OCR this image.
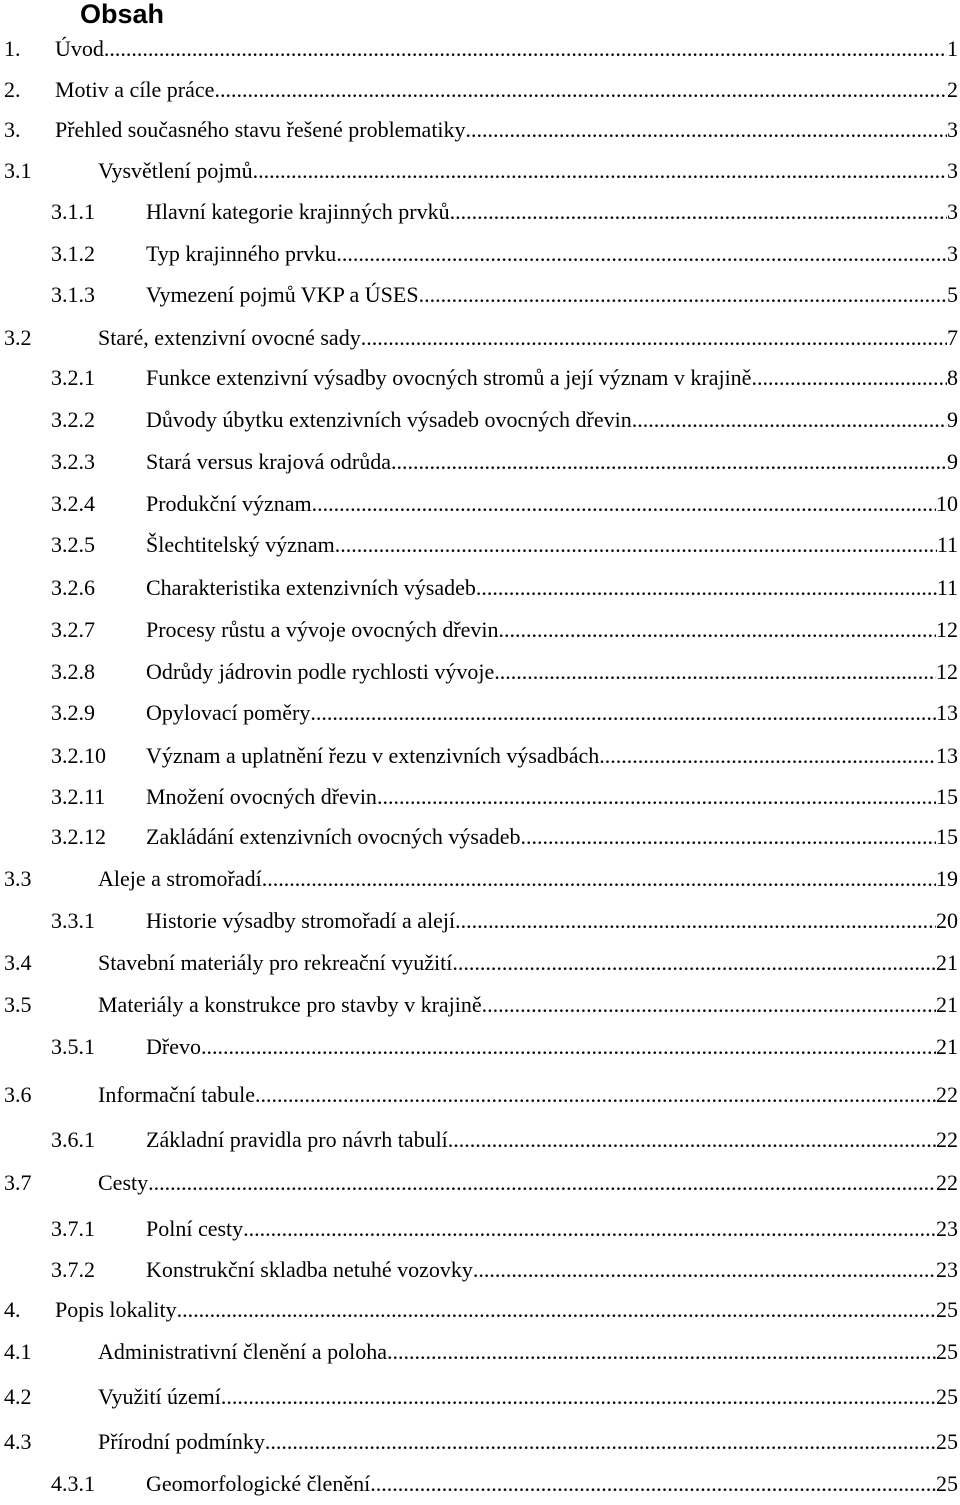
Obsah
1.	Úvod .....	1
2.	Motiv a cíle práce .....	2
3.	Přehled současného stavu řešené problematiky .....	3
3.1	Vysvětlení pojmů .....	3
3.1.1	Hlavní kategorie krajinných prvků .....	3
3.1.2	Typ krajinného prvku .....	3
3.1.3	Vymezení pojmů VKP a ÚSES .....	5
3.2	Staré, extenzivní ovocné sady .....	7
3.2.1	Funkce extenzivní výsadby ovocných stromů a její význam v krajině .....	8
3.2.2	Důvody úbytku extenzivních výsadeb ovocných dřevin .....	9
3.2.3	Stará versus krajová odrůda .....	9
3.2.4	Produkční význam .....	10
3.2.5	Šlechtitelský význam .....	11
3.2.6	Charakteristika extenzivních výsadeb .....	11
3.2.7	Procesy růstu a vývoje ovocných dřevin .....	12
3.2.8	Odrůdy jádrovin podle rychlosti vývoje .....	12
3.2.9	Opylovací poměry .....	13
3.2.10	Význam a uplatnění řezu v extenzivních výsadbách .....	13
3.2.11	Množení ovocných dřevin .....	15
3.2.12	Zakládání extenzivních ovocných výsadeb .....	15
3.3	Aleje a stromořadí .....	19
3.3.1	Historie výsadby stromořadí a alejí .....	20
3.4	Stavební materiály pro rekreační využití .....	21
3.5	Materiály a konstrukce pro stavby v krajině .....	21
3.5.1	Dřevo .....	21
3.6	Informační tabule .....	22
3.6.1	Základní pravidla pro návrh tabulí .....	22
3.7	Cesty .....	22
3.7.1	Polní cesty .....	23
3.7.2	Konstrukční skladba netuhé vozovky .....	23
4.	Popis lokality .....	25
4.1	Administrativní členění a poloha .....	25
4.2	Využití území .....	25
4.3	Přírodní podmínky .....	25
4.3.1	Geomorfologické členění .....	25
